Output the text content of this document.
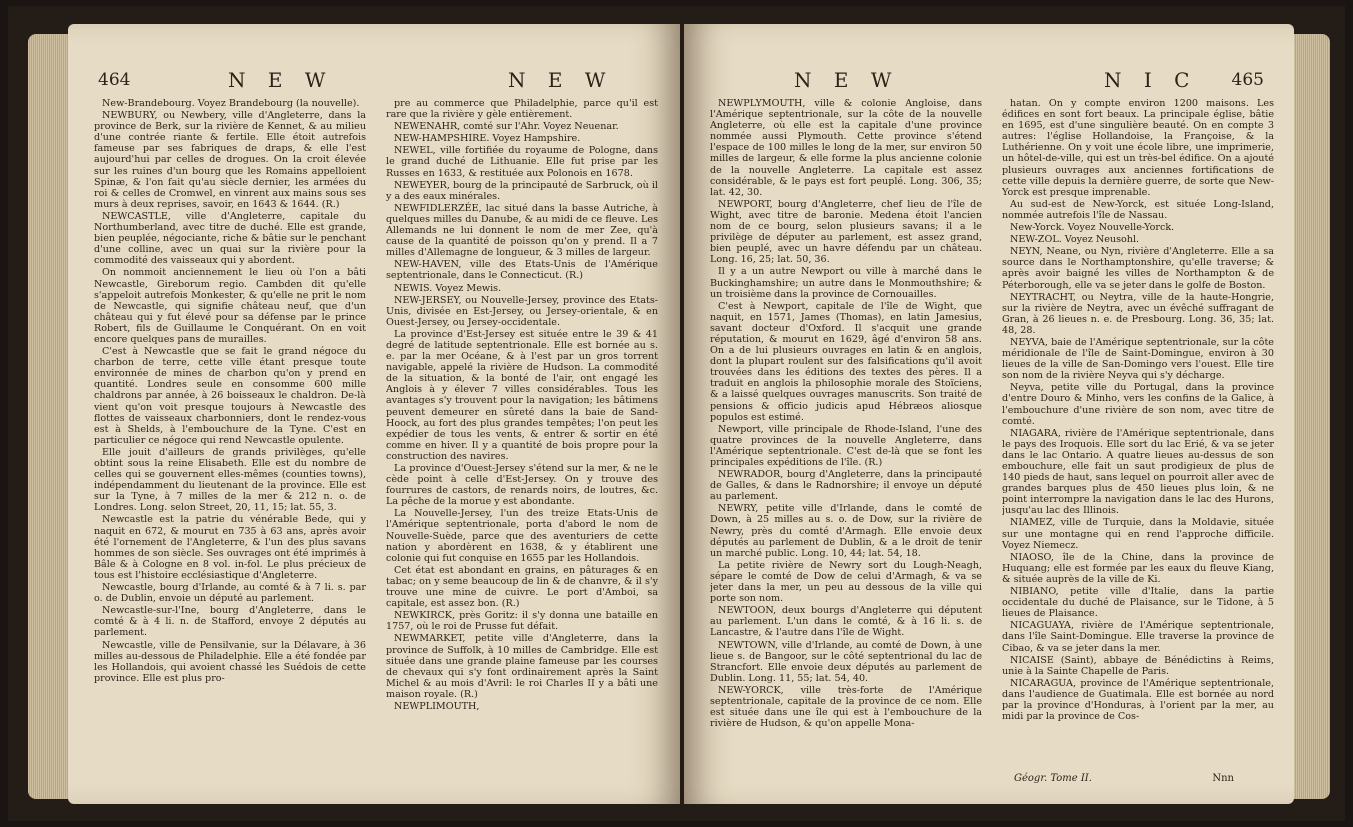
464	N E W	N E W

New-Brandebourg. Voyez Brandebourg (la nouvelle).

NEWBURY, ou Newbery, ville d'Angleterre, dans la province de Berk, sur la rivière de Kennet, & au milieu d'une contrée riante & fertile. Elle étoit autrefois fameuse par ses fabriques de draps, & elle l'est aujourd'hui par celles de drogues. On la croit élevée sur les ruines d'un bourg que les Romains appelloient Spinæ, & l'on fait qu'au siècle dernier, les armées du roi & celles de Cromwel, en vinrent aux mains sous ses murs à deux reprises, savoir, en 1643 & 1644. (R.)

NEWCASTLE, ville d'Angleterre, capitale du Northumberland, avec titre de duché. Elle est grande, bien peuplée, négociante, riche & bâtie sur le penchant d'une colline, avec un quai sur la rivière pour la commodité des vaisseaux qui y abordent.

On nommoit anciennement le lieu où l'on a bâti Newcastle, Gireborum regio. Cambden dit qu'elle s'appeloit autrefois Monkester, & qu'elle ne prit le nom de Newcastle, qui signifie château neuf, que d'un château qui y fut élevé pour sa défense par le prince Robert, fils de Guillaume le Conquérant. On en voit encore quelques pans de murailles.

C'est à Newcastle que se fait le grand négoce du charbon de terre, cette ville étant presque toute environnée de mines de charbon qu'on y prend en quantité. Londres seule en consomme 600 mille chaldrons par année, à 26 boisseaux le chaldron. De-là vient qu'on voit presque toujours à Newcastle des flottes de vaisseaux charbonniers, dont le rendez-vous est à Shelds, à l'embouchure de la Tyne. C'est en particulier ce négoce qui rend Newcastle opulente.

Elle jouit d'ailleurs de grands privilèges, qu'elle obtint sous la reine Elisabeth. Elle est du nombre de celles qui se gouvernent elles-mêmes (counties towns), indépendamment du lieutenant de la province. Elle est sur la Tyne, à 7 milles de la mer & 212 n. o. de Londres. Long. selon Street, 20, 11, 15; lat. 55, 3.

Newcastle est la patrie du vénérable Bede, qui y naquit en 672, & mourut en 735 à 63 ans, après avoir été l'ornement de l'Angleterre, & l'un des plus savans hommes de son siècle. Ses ouvrages ont été imprimés à Bâle & à Cologne en 8 vol. in-fol. Le plus précieux de tous est l'histoire ecclésiastique d'Angleterre.

Newcastle, bourg d'Irlande, au comté & à 7 li. s. par o. de Dublin, envoie un député au parlement.

Newcastle-sur-l'Ine, bourg d'Angleterre, dans le comté & à 4 li. n. de Stafford, envoye 2 députés au parlement.

Newcastle, ville de Pensilvanie, sur la Délavare, à 36 milles au-dessous de Philadelphie. Elle a été fondée par les Hollandois, qui avoient chassé les Suédois de cette province. Elle est plus pro-

pre au commerce que Philadelphie, parce qu'il est rare que la rivière y gèle entièrement.

NEWENAHR, comté sur l'Ahr. Voyez Neuenar.

NEW-HAMPSHIRE. Voyez Hampshire.

NEWEL, ville fortifiée du royaume de Pologne, dans le grand duché de Lithuanie. Elle fut prise par les Russes en 1633, & restituée aux Polonois en 1678.

NEWEYER, bourg de la principauté de Sarbruck, où il y a des eaux minérales.

NEWFIDLERZÉE, lac situé dans la basse Autriche, à quelques milles du Danube, & au midi de ce fleuve. Les Allemands ne lui donnent le nom de mer Zee, qu'à cause de la quantité de poisson qu'on y prend. Il a 7 milles d'Allemagne de longueur, & 3 milles de largeur.

NEW-HAVEN, ville des Etats-Unis de l'Amérique septentrionale, dans le Connecticut. (R.)

NEWIS. Voyez Mewis.

NEW-JERSEY, ou Nouvelle-Jersey, province des Etats-Unis, divisée en Est-Jersey, ou Jersey-orientale, & en Ouest-Jersey, ou Jersey-occidentale.

La province d'Est-Jersey est située entre le 39 & 41 degré de latitude septentrionale. Elle est bornée au s. e. par la mer Océane, & à l'est par un gros torrent navigable, appelé la rivière de Hudson. La commodité de la situation, & la bonté de l'air, ont engagé les Anglois à y élever 7 villes considérables. Tous les avantages s'y trouvent pour la navigation; les bâtimens peuvent demeurer en sûreté dans la baie de Sand-Hoock, au fort des plus grandes tempêtes; l'on peut les expédier de tous les vents, & entrer & sortir en été comme en hiver. Il y a quantité de bois propre pour la construction des navires.

La province d'Ouest-Jersey s'étend sur la mer, & ne le cède point à celle d'Est-Jersey. On y trouve des fourrures de castors, de renards noirs, de loutres, &c. La pêche de la morue y est abondante.

La Nouvelle-Jersey, l'un des treize Etats-Unis de l'Amérique septentrionale, porta d'abord le nom de Nouvelle-Suède, parce que des aventuriers de cette nation y abordèrent en 1638, & y établirent une colonie qui fut conquise en 1655 par les Hollandois.

Cet état est abondant en grains, en pâturages & en tabac; on y seme beaucoup de lin & de chanvre, & il s'y trouve une mine de cuivre. Le port d'Amboi, sa capitale, est assez bon. (R.)

NEWKIRCK, près Goritz: il s'y donna une bataille en 1757, où le roi de Prusse fut défait.

NEWMARKET, petite ville d'Angleterre, dans la province de Suffolk, à 10 milles de Cambridge. Elle est située dans une grande plaine fameuse par les courses de chevaux qui s'y font ordinairement après la Saint Michel & au mois d'Avril: le roi Charles II y a bâti une maison royale. (R.)

NEWPLIMOUTH,

N E W	N I C 465

NEWPLYMOUTH, ville & colonie Angloise, dans l'Amérique septentrionale, sur la côte de la nouvelle Angleterre, où elle est la capitale d'une province nommée aussi Plymouth. Cette province s'étend l'espace de 100 milles le long de la mer, sur environ 50 milles de largeur, & elle forme la plus ancienne colonie de la nouvelle Angleterre. La capitale est assez considérable, & le pays est fort peuplé. Long. 306, 35; lat. 42, 30.

NEWPORT, bourg d'Angleterre, chef lieu de l'île de Wight, avec titre de baronie. Medena étoit l'ancien nom de ce bourg, selon plusieurs savans; il a le privilège de députer au parlement, est assez grand, bien peuplé, avec un havre défendu par un château. Long. 16, 25; lat. 50, 36.

Il y a un autre Newport ou ville à marché dans le Buckinghamshire; un autre dans le Monmouthshire; & un troisième dans la province de Cornouailles.

C'est à Newport, capitale de l'île de Wight, que naquit, en 1571, James (Thomas), en latin Jamesius, savant docteur d'Oxford. Il s'acquit une grande réputation, & mourut en 1629, âgé d'environ 58 ans. On a de lui plusieurs ouvrages en latin & en anglois, dont la plupart roulent sur des falsifications qu'il avoit trouvées dans les éditions des textes des pères. Il a traduit en anglois la philosophie morale des Stoïciens, & a laissé quelques ouvrages manuscrits. Son traité de pensions & officio judicis apud Hébræos aliosque populos est estimé.

Newport, ville principale de Rhode-Island, l'une des quatre provinces de la nouvelle Angleterre, dans l'Amérique septentrionale. C'est de-là que se font les principales expéditions de l'île. (R.)

NEWRADOR, bourg d'Angleterre, dans la principauté de Galles, & dans le Radnorshire; il envoye un député au parlement.

NEWRY, petite ville d'Irlande, dans le comté de Down, à 25 milles au s. o. de Dow, sur la rivière de Newry, près du comté d'Armagh. Elle envoie deux députés au parlement de Dublin, & a le droit de tenir un marché public. Long. 10, 44; lat. 54, 18.

La petite rivière de Newry sort du Lough-Neagh, sépare le comté de Dow de celui d'Armagh, & va se jeter dans la mer, un peu au dessous de la ville qui porte son nom.

NEWTOON, deux bourgs d'Angleterre qui députent au parlement. L'un dans le comté, & à 16 li. s. de Lancastre, & l'autre dans l'île de Wight.

NEWTOWN, ville d'Irlande, au comté de Down, à une lieue s. de Bangoor, sur le côté septentrional du lac de Strancfort. Elle envoie deux députés au parlement de Dublin. Long. 11, 55; lat. 54, 40.

NEW-YORCK, ville très-forte de l'Amérique septentrionale, capitale de la province de ce nom. Elle est située dans une île qui est à l'embouchure de la rivière de Hudson, & qu'on appelle Mona-

hatan. On y compte environ 1200 maisons. Les édifices en sont fort beaux. La principale église, bâtie en 1695, est d'une singulière beauté. On en compte 3 autres: l'église Hollandoise, la Françoise, & la Luthérienne. On y voit une école libre, une imprimerie, un hôtel-de-ville, qui est un très-bel édifice. On a ajouté plusieurs ouvrages aux anciennes fortifications de cette ville depuis la dernière guerre, de sorte que New-Yorck est presque imprenable.

Au sud-est de New-Yorck, est située Long-Island, nommée autrefois l'île de Nassau.

New-Yorck. Voyez Nouvelle-Yorck.

NEW-ZOL. Voyez Neusohl.

NEYN, Neane, ou Nyn, rivière d'Angleterre. Elle a sa source dans le Northamptonshire, qu'elle traverse; & après avoir baigné les villes de Northampton & de Péterborough, elle va se jeter dans le golfe de Boston.

NEYTRACHT, ou Neytra, ville de la haute-Hongrie, sur la rivière de Neytra, avec un évêché suffragant de Gran, à 26 lieues n. e. de Presbourg. Long. 36, 35; lat. 48, 28.

NEYVA, baie de l'Amérique septentrionale, sur la côte méridionale de l'île de Saint-Domingue, environ à 30 lieues de la ville de San-Domingo vers l'ouest. Elle tire son nom de la rivière Neyva qui s'y décharge.

Neyva, petite ville du Portugal, dans la province d'entre Douro & Minho, vers les confins de la Galice, à l'embouchure d'une rivière de son nom, avec titre de comté.

NIAGARA, rivière de l'Amérique septentrionale, dans le pays des Iroquois. Elle sort du lac Erié, & va se jeter dans le lac Ontario. A quatre lieues au-dessus de son embouchure, elle fait un saut prodigieux de plus de 140 pieds de haut, sans lequel on pourroit aller avec de grandes barques plus de 450 lieues plus loin, & ne point interrompre la navigation dans le lac des Hurons, jusqu'au lac des Illinois.

NIAMEZ, ville de Turquie, dans la Moldavie, située sur une montagne qui en rend l'approche difficile. Voyez Niemecz.

NIAOSO, île de la Chine, dans la province de Huquang; elle est formée par les eaux du fleuve Kiang, & située auprès de la ville de Ki.

NIBIANO, petite ville d'Italie, dans la partie occidentale du duché de Plaisance, sur le Tidone, à 5 lieues de Plaisance.

NICAGUAYA, rivière de l'Amérique septentrionale, dans l'île Saint-Domingue. Elle traverse la province de Cibao, & va se jeter dans la mer.

NICAISE (Saint), abbaye de Bénédictins à Reims, unie à la Sainte Chapelle de Paris.

NICARAGUA, province de l'Amérique septentrionale, dans l'audience de Guatimala. Elle est bornée au nord par la province d'Honduras, à l'orient par la mer, au midi par la province de Cos-

Nnn
Géogr. Tome II.
